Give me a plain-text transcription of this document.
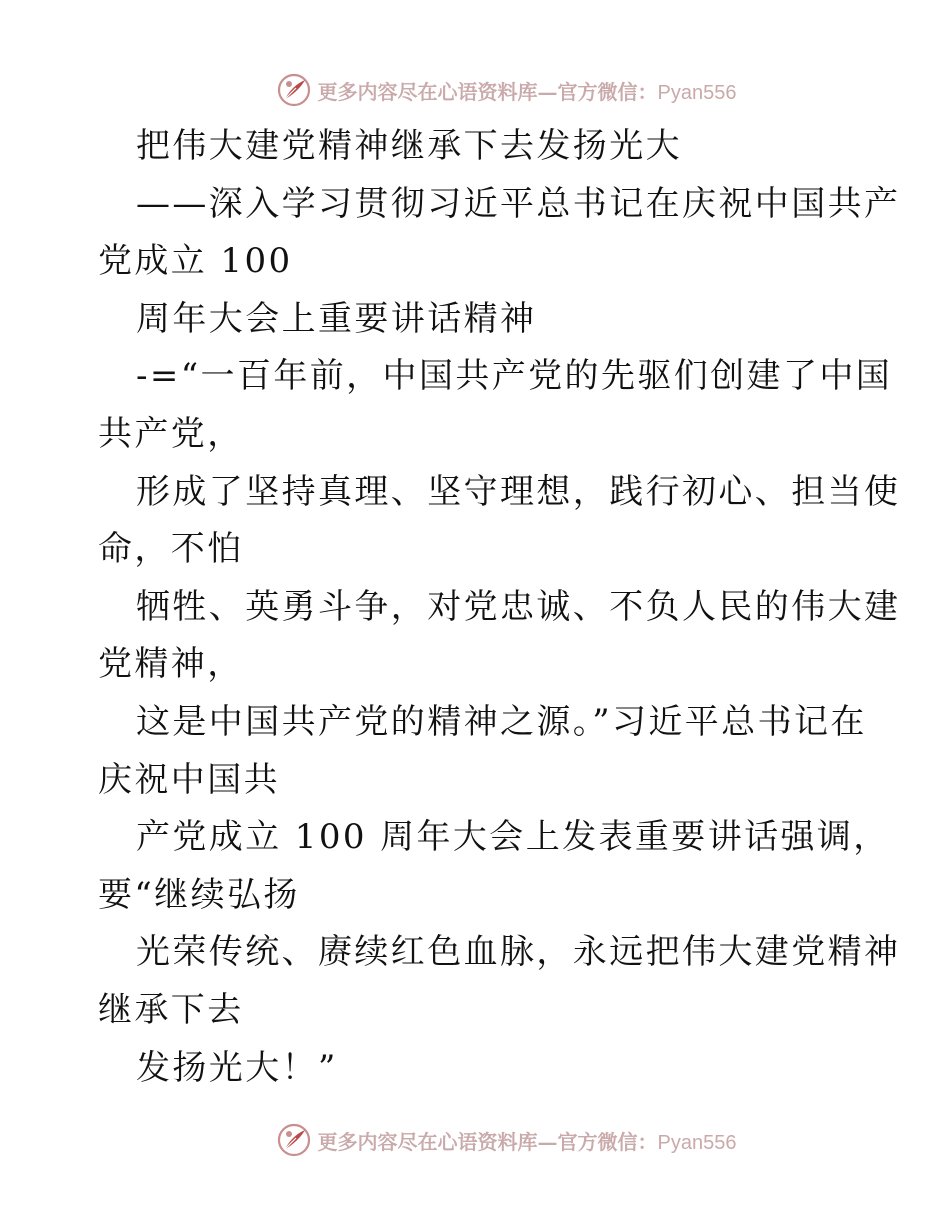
更多内容尽在心语资料库—官方微信：Pyan556
把伟大建党精神继承下去发扬光大
——深入学习贯彻习近平总书记在庆祝中国共产
党成立 100
周年大会上重要讲话精神
-=“一百年前，中国共产党的先驱们创建了中国
共产党，
形成了坚持真理、坚守理想，践行初心、担当使
命，不怕
牺牲、英勇斗争，对党忠诚、不负人民的伟大建
党精神，
这是中国共产党的精神之源。”习近平总书记在
庆祝中国共
产党成立 100 周年大会上发表重要讲话强调，
要“继续弘扬
光荣传统、赓续红色血脉，永远把伟大建党精神
继承下去
发扬光大！”
更多内容尽在心语资料库—官方微信：Pyan556
